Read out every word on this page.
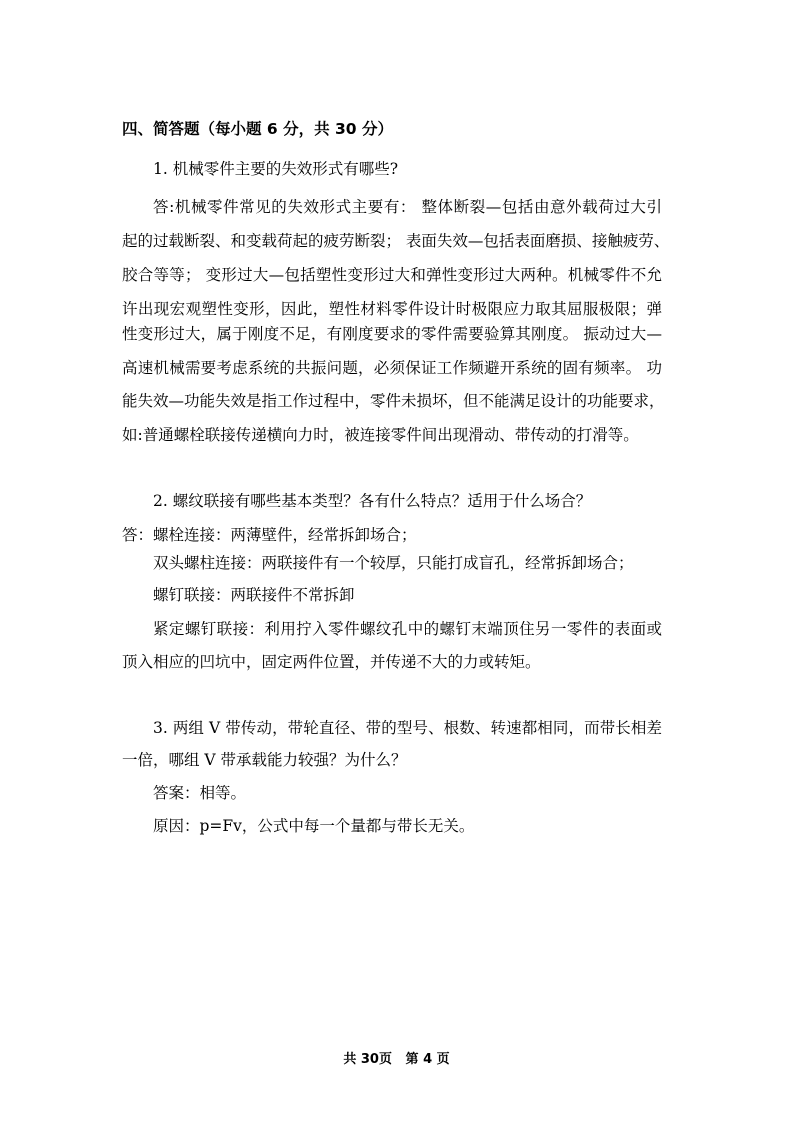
四、简答题（每小题 6 分，共 30 分）
1. 机械零件主要的失效形式有哪些?
答:机械零件常见的失效形式主要有： 整体断裂—包括由意外载荷过大引
起的过载断裂、和变载荷起的疲劳断裂； 表面失效—包括表面磨损、接触疲劳、
胶合等等； 变形过大—包括塑性变形过大和弹性变形过大两种。机械零件不允
许出现宏观塑性变形，因此，塑性材料零件设计时极限应力取其屈服极限；弹
性变形过大，属于刚度不足，有刚度要求的零件需要验算其刚度。 振动过大—
高速机械需要考虑系统的共振问题，必须保证工作频避开系统的固有频率。 功
能失效—功能失效是指工作过程中，零件未损坏，但不能满足设计的功能要求，
如:普通螺栓联接传递横向力时，被连接零件间出现滑动、带传动的打滑等。
2. 螺纹联接有哪些基本类型？各有什么特点？适用于什么场合？
答：螺栓连接：两薄壁件，经常拆卸场合；
双头螺柱连接：两联接件有一个较厚，只能打成盲孔，经常拆卸场合；
螺钉联接：两联接件不常拆卸
紧定螺钉联接：利用拧入零件螺纹孔中的螺钉末端顶住另一零件的表面或
顶入相应的凹坑中，固定两件位置，并传递不大的力或转矩。
3. 两组 V 带传动，带轮直径、带的型号、根数、转速都相同，而带长相差
一倍，哪组 V 带承载能力较强？为什么？
答案：相等。
原因：p=Fv，公式中每一个量都与带长无关。
共 30页   第 4 页
